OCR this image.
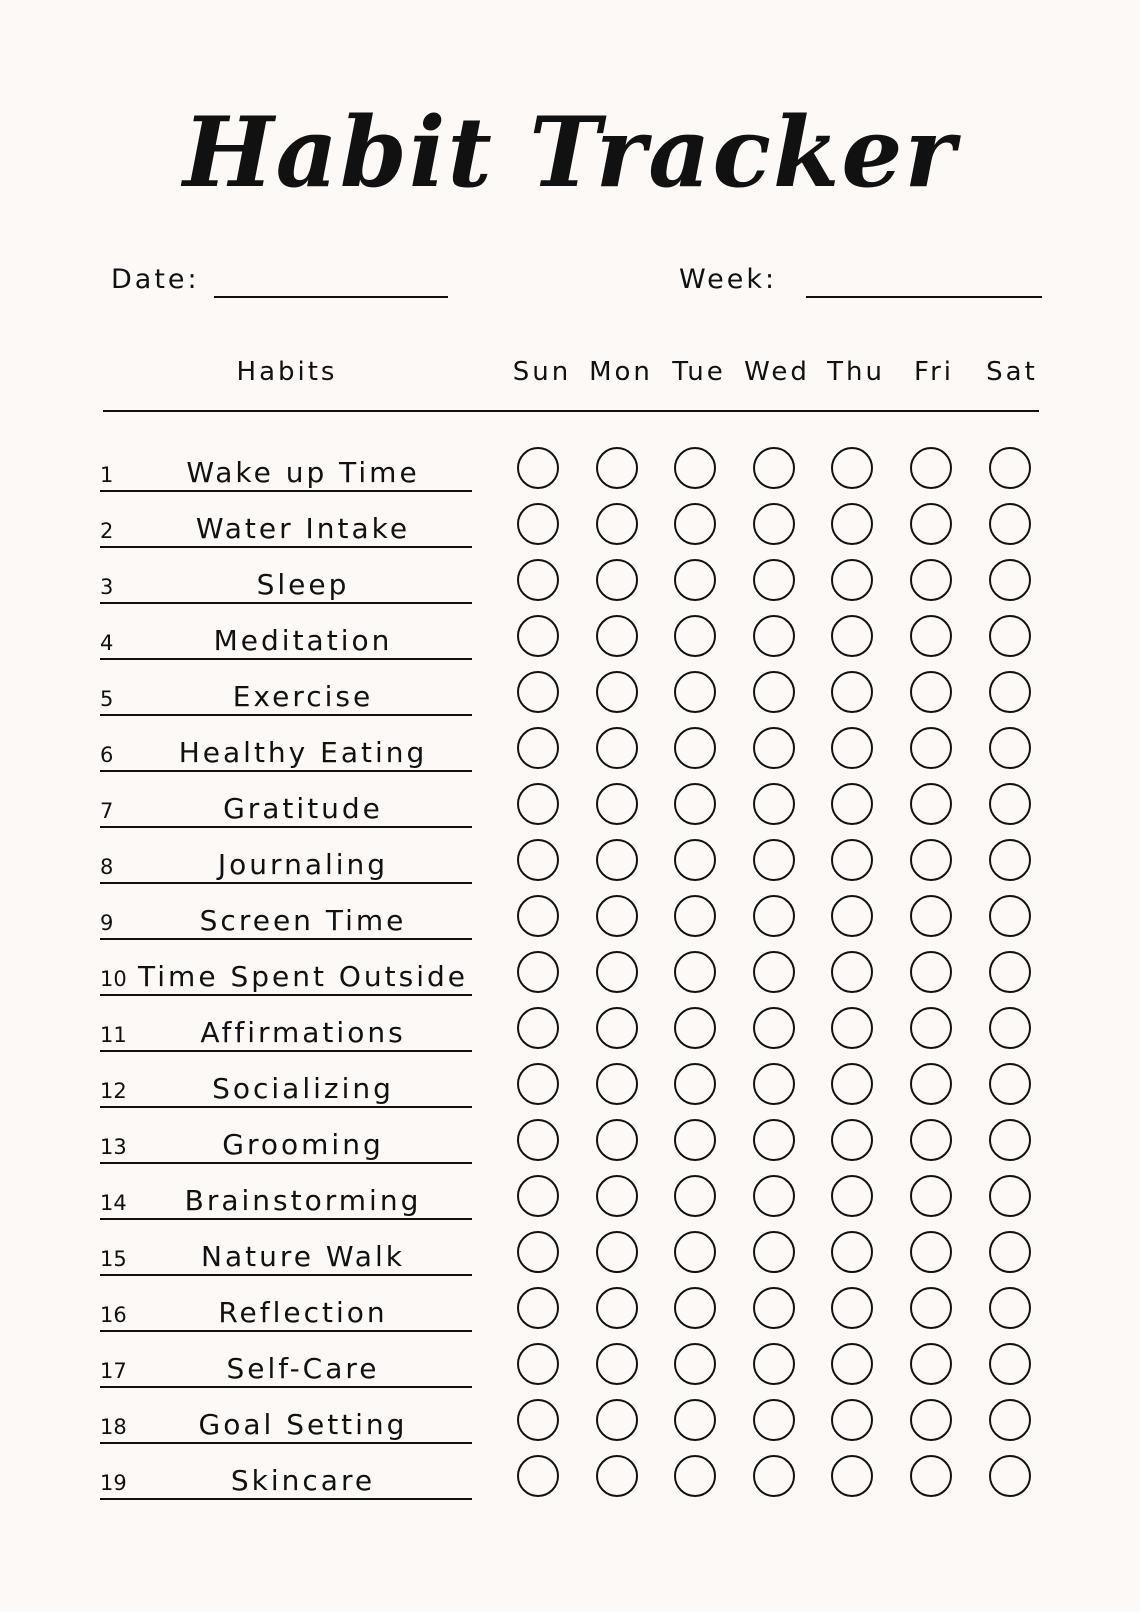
Habit Tracker
Date:	Week:
Habits	Sun Mon Tue Wed Thu	Fri	Sat
1	Wake up Time
2	Water Intake
3	Sleep
4	Meditation
5	Exercise
6	Healthy Eating
7	Gratitude
8	Journaling
9	Screen Time
10 Time Spent Outside
11	Affirmations
12	Socializing
13	Grooming
14	Brainstorming
15	Nature Walk
16	Reflection
17	Self-Care
18	Goal Setting
19	Skincare
